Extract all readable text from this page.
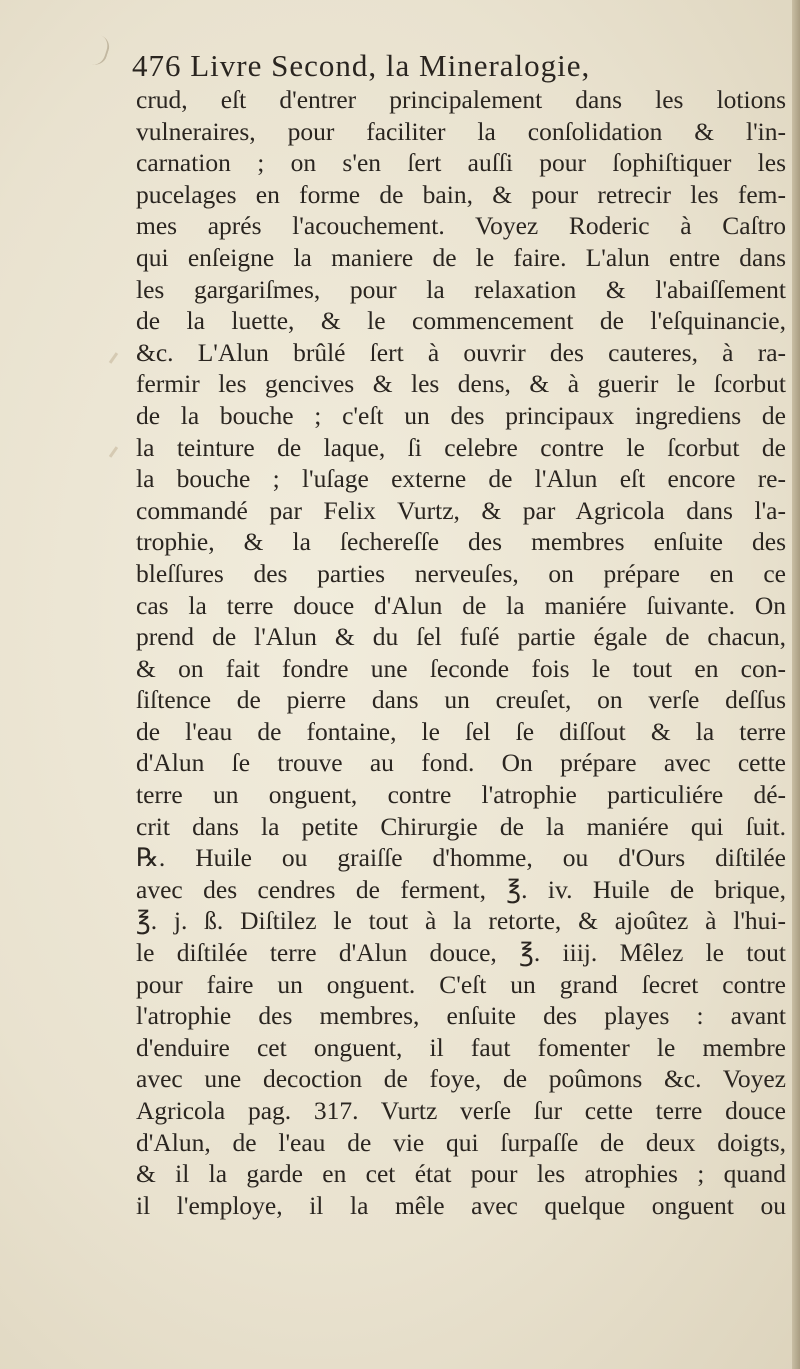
476 Livre Second, la Mineralogie,
crud, eſt d'entrer principalement dans les lotions
vulneraires, pour faciliter la conſolidation & l'in-
carnation ; on s'en ſert auſſi pour ſophiſtiquer les
pucelages en forme de bain, & pour retrecir les fem-
mes aprés l'acouchement. Voyez Roderic à Caſtro
qui enſeigne la maniere de le faire. L'alun entre dans
les gargariſmes, pour la relaxation & l'abaiſſement
de la luette, & le commencement de l'eſquinancie,
&c. L'Alun brûlé ſert à ouvrir des cauteres, à ra-
fermir les gencives & les dens, & à guerir le ſcorbut
de la bouche ; c'eſt un des principaux ingrediens de
la teinture de laque, ſi celebre contre le ſcorbut de
la bouche ; l'uſage externe de l'Alun eſt encore re-
commandé par Felix Vurtz, & par Agricola dans l'a-
trophie, & la ſechereſſe des membres enſuite des
bleſſures des parties nerveuſes, on prépare en ce
cas la terre douce d'Alun de la maniére ſuivante. On
prend de l'Alun & du ſel fuſé partie égale de chacun,
& on fait fondre une ſeconde fois le tout en con-
ſiſtence de pierre dans un creuſet, on verſe deſſus
de l'eau de fontaine, le ſel ſe diſſout & la terre
d'Alun ſe trouve au fond. On prépare avec cette
terre un onguent, contre l'atrophie particuliére dé-
crit dans la petite Chirurgie de la maniére qui ſuit.
℞. Huile ou graiſſe d'homme, ou d'Ours diſtilée
avec des cendres de ferment, ℥. iv. Huile de brique,
℥. j. ß. Diſtilez le tout à la retorte, & ajoûtez à l'hui-
le diſtilée terre d'Alun douce, ℥. iiij. Mêlez le tout
pour faire un onguent. C'eſt un grand ſecret contre
l'atrophie des membres, enſuite des playes : avant
d'enduire cet onguent, il faut fomenter le membre
avec une decoction de foye, de poûmons &c. Voyez
Agricola pag. 317. Vurtz verſe ſur cette terre douce
d'Alun, de l'eau de vie qui ſurpaſſe de deux doigts,
& il la garde en cet état pour les atrophies ; quand
il l'employe, il la mêle avec quelque onguent ou
